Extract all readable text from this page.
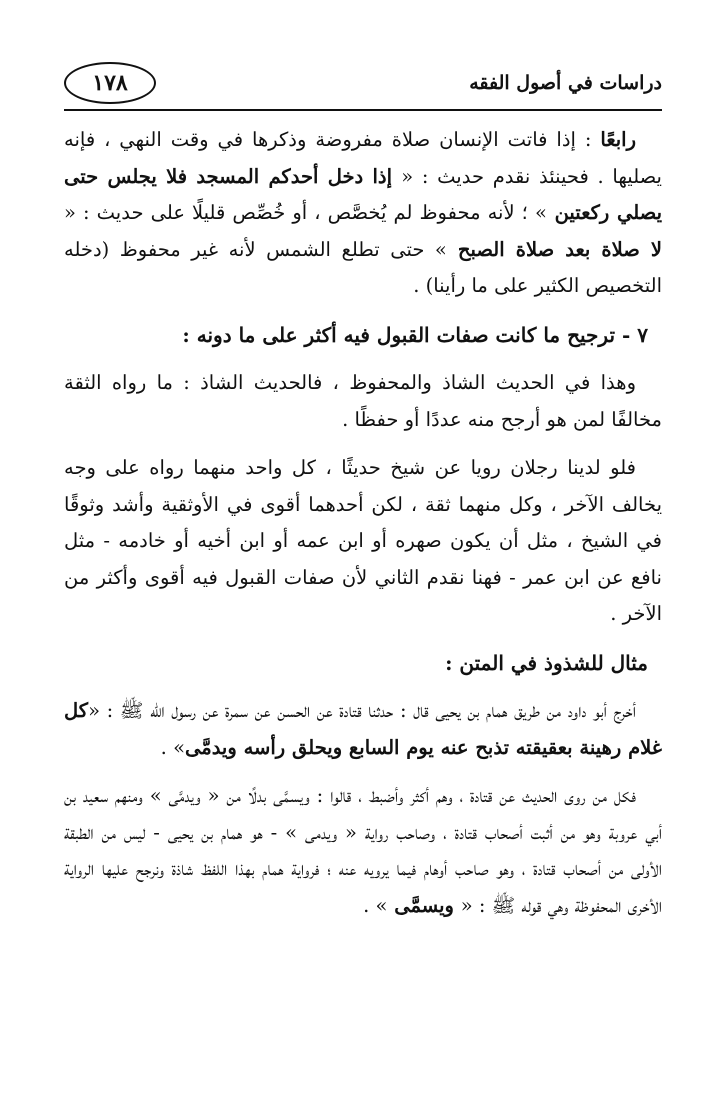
١٧٨	دراسات في أصول الفقه

رابعًا : إذا فاتت الإنسان صلاة مفروضة وذكرها في وقت النهي ، فإنه يصليها . فحينئذ نقدم حديث : « إذا دخل أحدكم المسجد فلا يجلس حتى يصلي ركعتين » ؛ لأنه محفوظ لم يُخصَّص ، أو خُصِّص قليلًا على حديث : « لا صلاة بعد صلاة الصبح » حتى تطلع الشمس لأنه غير محفوظ (دخله التخصيص الكثير على ما رأينا) .

٧ - ترجيح ما كانت صفات القبول فيه أكثر على ما دونه :

وهذا في الحديث الشاذ والمحفوظ ، فالحديث الشاذ : ما رواه الثقة مخالفًا لمن هو أرجح منه عددًا أو حفظًا .

فلو لدينا رجلان رويا عن شيخ حديثًا ، كل واحد منهما رواه على وجه يخالف الآخر ، وكل منهما ثقة ، لكن أحدهما أقوى في الأوثقية وأشد وثوقًا في الشيخ ، مثل أن يكون صهره أو ابن عمه أو ابن أخيه أو خادمه - مثل نافع عن ابن عمر - فهنا نقدم الثاني لأن صفات القبول فيه أقوى وأكثر من الآخر .

مثال للشذوذ في المتن :

أخرج أبو داود من طريق همام بن يحيى قال : حدثنا قتادة عن الحسن عن سمرة عن رسول الله ﷺ : «كل غلام رهينة بعقيقته تذبح عنه يوم السابع ويحلق رأسه ويدمَّى» .

فكل من روى الحديث عن قتادة ، وهم أكثر وأضبط ، قالوا : ويسمَّى بدلًا من « ويدمَّى » ومنهم سعيد بن أبي عروبة وهو من أثبت أصحاب قتادة ، وصاحب رواية « ويدمى » - هو همام بن يحيى - ليس من الطبقة الأولى من أصحاب قتادة ، وهو صاحب أوهام فيما يرويه عنه ؛ فرواية همام بهذا اللفظ شاذة ونرجح عليها الرواية الأخرى المحفوظة وهي قوله ﷺ : « ويسمَّى » .
